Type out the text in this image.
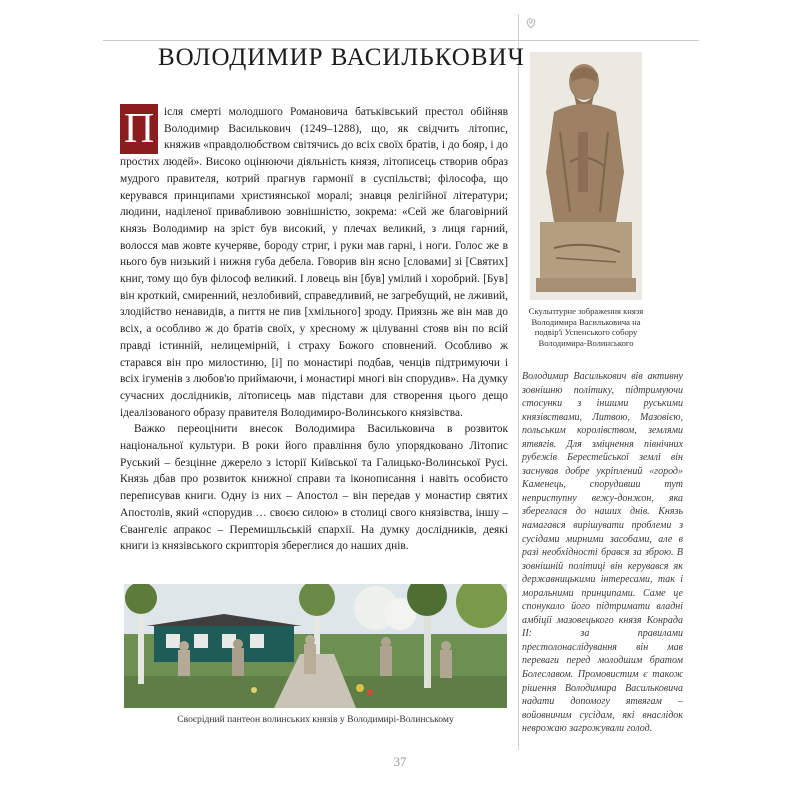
ВОЛОДИМИР ВАСИЛЬКОВИЧ

П ісля смерті молодшого Романовича батьківський престол обійняв Володимир Василькович (1249–1288), що, як свідчить літопис, княжив «правдолюбством світячись до всіх своїх братів, і до бояр, і до простих людей». Високо оцінюючи діяльність князя, літописець створив образ мудрого правителя, котрий прагнув гармонії в суспільстві; філософа, що керувався принципами християнської моралі; знавця релігійної літератури; людини, наділеної привабливою зовнішністю, зокрема: «Сей же благовірний князь Володимир на зріст був високий, у плечах великий, з лиця гарний, волосся мав жовте кучеряве, бороду стриг, і руки мав гарні, і ноги. Голос же в нього був низький і нижня губа дебела. Говорив він ясно [словами] зі [Святих] книг, тому що був філософ великий. І ловець він [був] умілий і хоробрий. [Був] він кроткий, смиренний, незлобивий, справедливий, не загребущий, не лживий, злодійство ненавидів, а пиття не пив [хмільного] зроду. Приязнь же він мав до всіх, а особливо ж до братів своїх, у хресному ж цілуванні стояв він по всій правді істинній, нелицемірній, і страху Божого сповнений. Особливо ж старався він про милостиню, [і] по монастирі подбав, ченців підтримуючи і всіх ігуменів з любов'ю приймаючи, і монастирі многі він спорудив». На думку сучасних дослідників, літописець мав підстави для створення цього дещо ідеалізованого образу правителя Володимиро-Волинського князівства.

Важко переоцінити внесок Володимира Васильковича в розвиток національної культури. В роки його правління було упорядковано Літопис Руський – безцінне джерело з історії Київської та Галицько-Волинської Русі. Князь дбав про розвиток книжної справи та іконописання і навіть особисто переписував книги. Одну із них – Апостол – він передав у монастир святих Апостолів, який «спорудив … своєю силою» в столиці свого князівства, іншу – Євангеліє апракос – Перемишльській єпархії. На думку дослідників, деякі книги із князівського скрипторія збереглися до наших днів.

Своєрідний пантеон волинських князів у Володимирі-Волинському
Скульптурне зображення князя Володимира Васильковича на подвір'ї Успенського собору Володимира-Волинського

Володимир Василькович вів активну зовнішню політику, підтримуючи стосунки з іншими руськими князівствами, Литвою, Мазовією, польським королівством, землями ятвягів. Для зміцнення північних рубежів Берестейської землі він заснував добре укріплений «город» Каменець, спорудивши тут неприступну вежу-донжон, яка збереглася до наших днів. Князь намагався вирішувати проблеми з сусідами мирними засобами, але в разі необхідності брався за зброю. В зовнішній політиці він керувався як державницькими інтересами, так і моральними принципами. Саме це спонукало його підтримати владні амбіції мазовецького князя Конрада ІІ: за правилами престолонаслідування він мав переваги перед молодшим братом Болеславом. Промовистим є також рішення Володимира Васильковича надати допомогу ятвягам – войовничим сусідам, які внаслідок неврожаю загрожували голод.

37
